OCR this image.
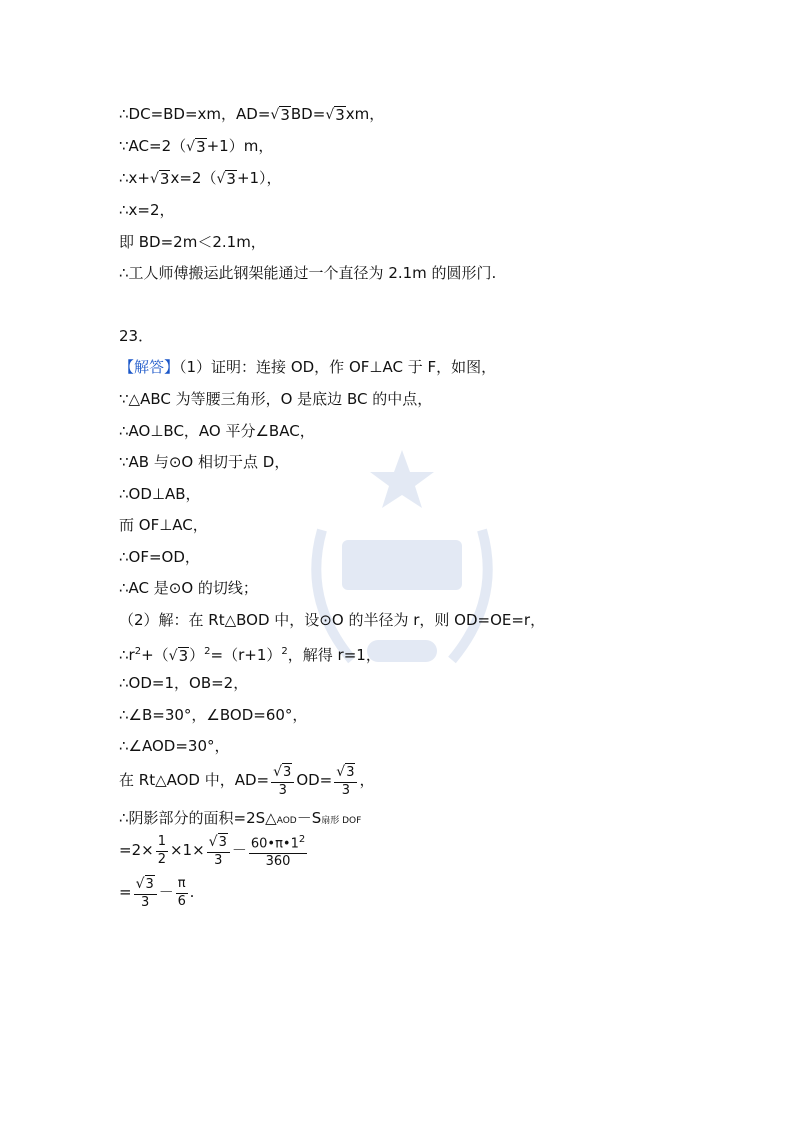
∴DC=BD=xm，AD= √ 3 BD= √ 3 xm，
∵AC=2（ √ 3 +1）m，
∴x+ √ 3 x=2（ √ 3 +1），
∴x=2，
即 BD=2m＜2.1m，
∴工人师傅搬运此钢架能通过一个直径为 2.1m 的圆形门.
23．
【解答】（1）证明：连接 OD，作 OF⊥AC 于 F，如图，
∵△ABC 为等腰三角形，O 是底边 BC 的中点，
∴AO⊥BC，AO 平分∠BAC，
∵AB 与⊙O 相切于点 D，
∴OD⊥AB，
而 OF⊥AC，
∴OF=OD，
∴AC 是⊙O 的切线；
（2）解：在 Rt△BOD 中，设⊙O 的半径为 r，则 OD=OE=r，
$\therefore r^2+$（ √ 3 ）$^2=(r+1)^2$，解得 r=1，
∴OD=1，OB=2，
∴∠B=30°，∠BOD=60°，
∴∠AOD=30°，
在 Rt△AOD 中，$AD= \frac{√ 3}{3} OD= \frac{√ 3}{3}$ ，
∴阴影部分的面积=2S△AOD－S扇形 DOF
$=2\times \frac{1}{2} \times 1\times \frac{√ 3}{3} - \frac{60•\pi•1^2}{360}$
= $\frac{√ 3}{3} - \frac{\pi}{6}$ .
